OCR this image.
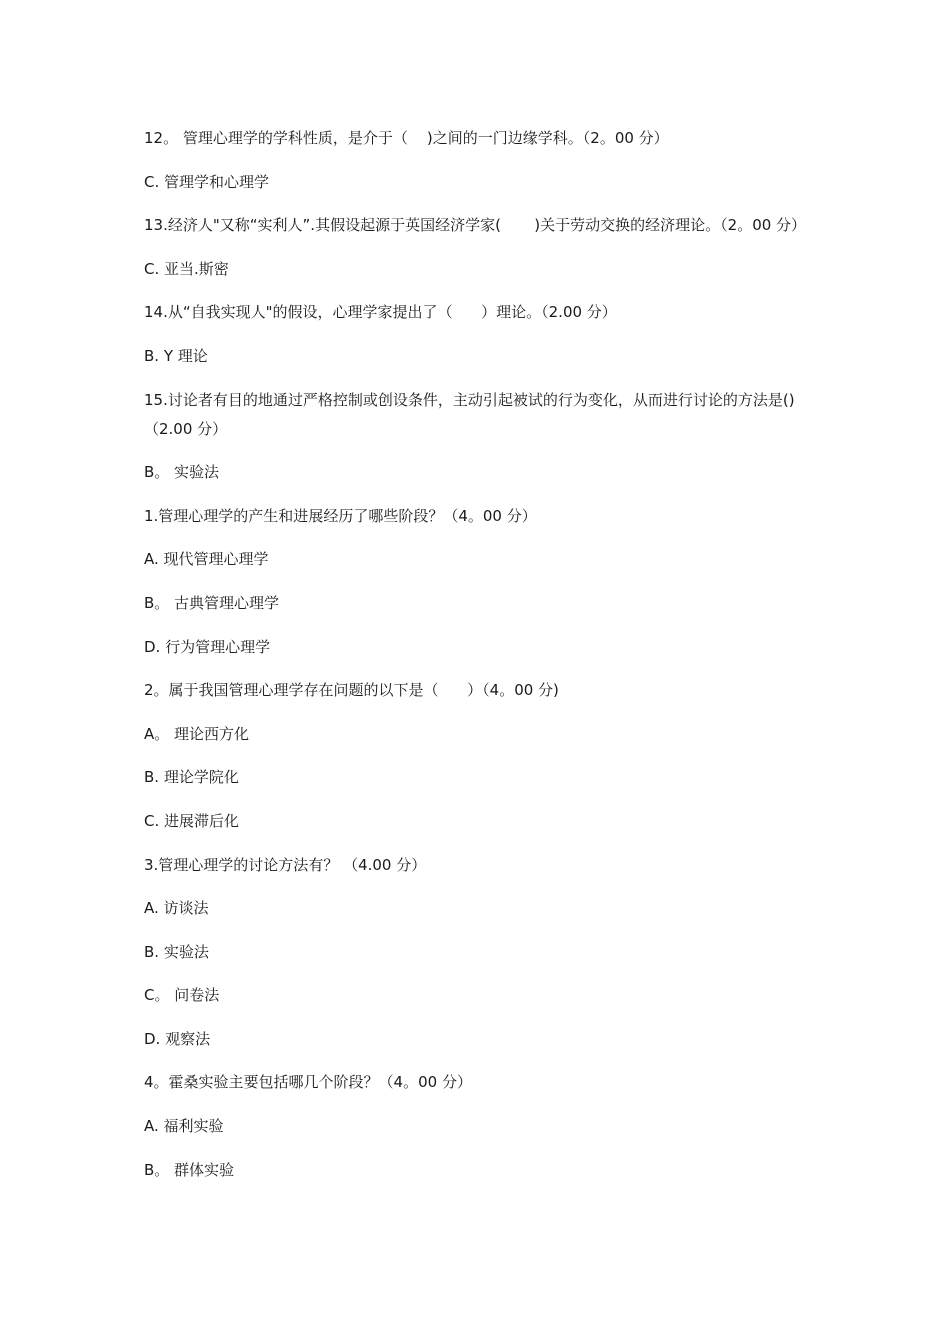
12。 管理心理学的学科性质，是介于（    )之间的一门边缘学科。（2。00 分）

C. 管理学和心理学

13.经济人"又称“实利人”.其假设起源于英国经济学家(       )关于劳动交换的经济理论。（2。00 分）

C. 亚当.斯密

14.从“自我实现人"的假设，心理学家提出了（      ）理论。（2.00 分）

B. Y 理论

15.讨论者有目的地通过严格控制或创设条件，主动引起被试的行为变化，从而进行讨论的方法是()（2.00 分）

B。 实验法

1.管理心理学的产生和进展经历了哪些阶段？（4。00 分）

A. 现代管理心理学

B。 古典管理心理学

D. 行为管理心理学

2。属于我国管理心理学存在问题的以下是（      ）（4。00 分)

A。 理论西方化

B. 理论学院化

C. 进展滞后化

3.管理心理学的讨论方法有？ （4.00 分）

A. 访谈法

B. 实验法

C。 问卷法

D. 观察法

4。霍桑实验主要包括哪几个阶段？（4。00 分）

A. 福利实验

B。 群体实验
